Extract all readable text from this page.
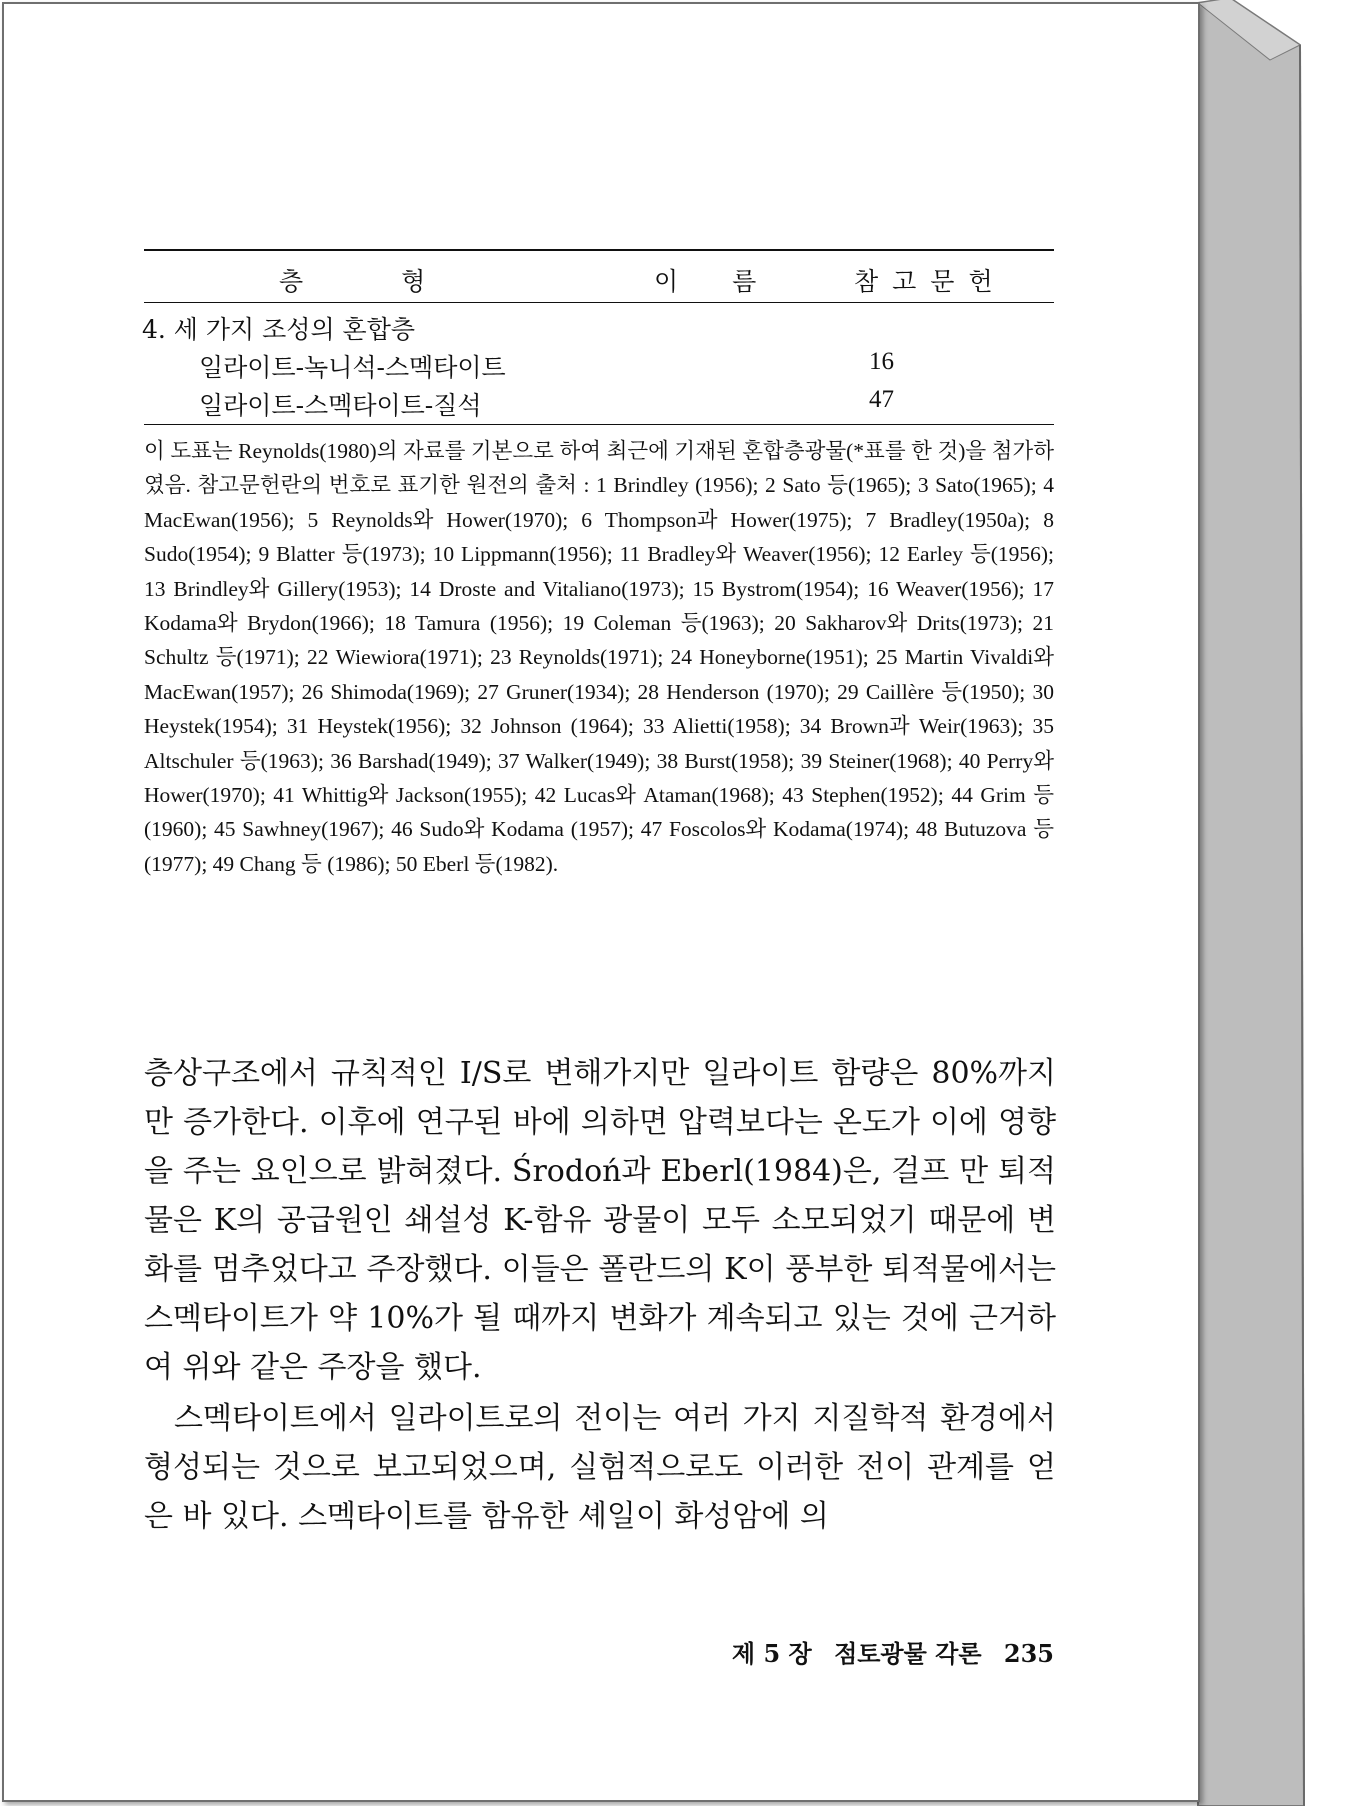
층 형	이 름	참고문헌
4. 세 가지 조성의 혼합층
일라이트-녹니석-스멕타이트	16
일라이트-스멕타이트-질석	47
이 도표는 Reynolds(1980)의 자료를 기본으로 하여 최근에 기재된 혼합층광물(*표를 한 것)을 첨가하였음. 참고문헌란의 번호로 표기한 원전의 출처 : 1 Brindley (1956); 2 Sato 등(1965); 3 Sato(1965); 4 MacEwan(1956); 5 Reynolds와 Hower(1970); 6 Thompson과 Hower(1975); 7 Bradley(1950a); 8 Sudo(1954); 9 Blatter 등(1973); 10 Lippmann(1956); 11 Bradley와 Weaver(1956); 12 Earley 등(1956); 13 Brindley와 Gillery(1953); 14 Droste and Vitaliano(1973); 15 Bystrom(1954); 16 Weaver(1956); 17 Kodama와 Brydon(1966); 18 Tamura (1956); 19 Coleman 등(1963); 20 Sakharov와 Drits(1973); 21 Schultz 등(1971); 22 Wiewiora(1971); 23 Reynolds(1971); 24 Honeyborne(1951); 25 Martin Vivaldi와 MacEwan(1957); 26 Shimoda(1969); 27 Gruner(1934); 28 Henderson (1970); 29 Caillère 등(1950); 30 Heystek(1954); 31 Heystek(1956); 32 Johnson (1964); 33 Alietti(1958); 34 Brown과 Weir(1963); 35 Altschuler 등(1963); 36 Barshad(1949); 37 Walker(1949); 38 Burst(1958); 39 Steiner(1968); 40 Perry와 Hower(1970); 41 Whittig와 Jackson(1955); 42 Lucas와 Ataman(1968); 43 Stephen(1952); 44 Grim 등(1960); 45 Sawhney(1967); 46 Sudo와 Kodama (1957); 47 Foscolos와 Kodama(1974); 48 Butuzova 등(1977); 49 Chang 등 (1986); 50 Eberl 등(1982).
층상구조에서 규칙적인 I/S로 변해가지만 일라이트 함량은 80%까지만 증가한다. 이후에 연구된 바에 의하면 압력보다는 온도가 이에 영향을 주는 요인으로 밝혀졌다. Środoń과 Eberl(1984)은, 걸프 만 퇴적물은 K의 공급원인 쇄설성 K-함유 광물이 모두 소모되었기 때문에 변화를 멈추었다고 주장했다. 이들은 폴란드의 K이 풍부한 퇴적물에서는 스멕타이트가 약 10%가 될 때까지 변화가 계속되고 있는 것에 근거하여 위와 같은 주장을 했다.
스멕타이트에서 일라이트로의 전이는 여러 가지 지질학적 환경에서 형성되는 것으로 보고되었으며, 실험적으로도 이러한 전이 관계를 얻은 바 있다. 스멕타이트를 함유한 셰일이 화성암에 의
제 5 장 점토광물 각론 235
